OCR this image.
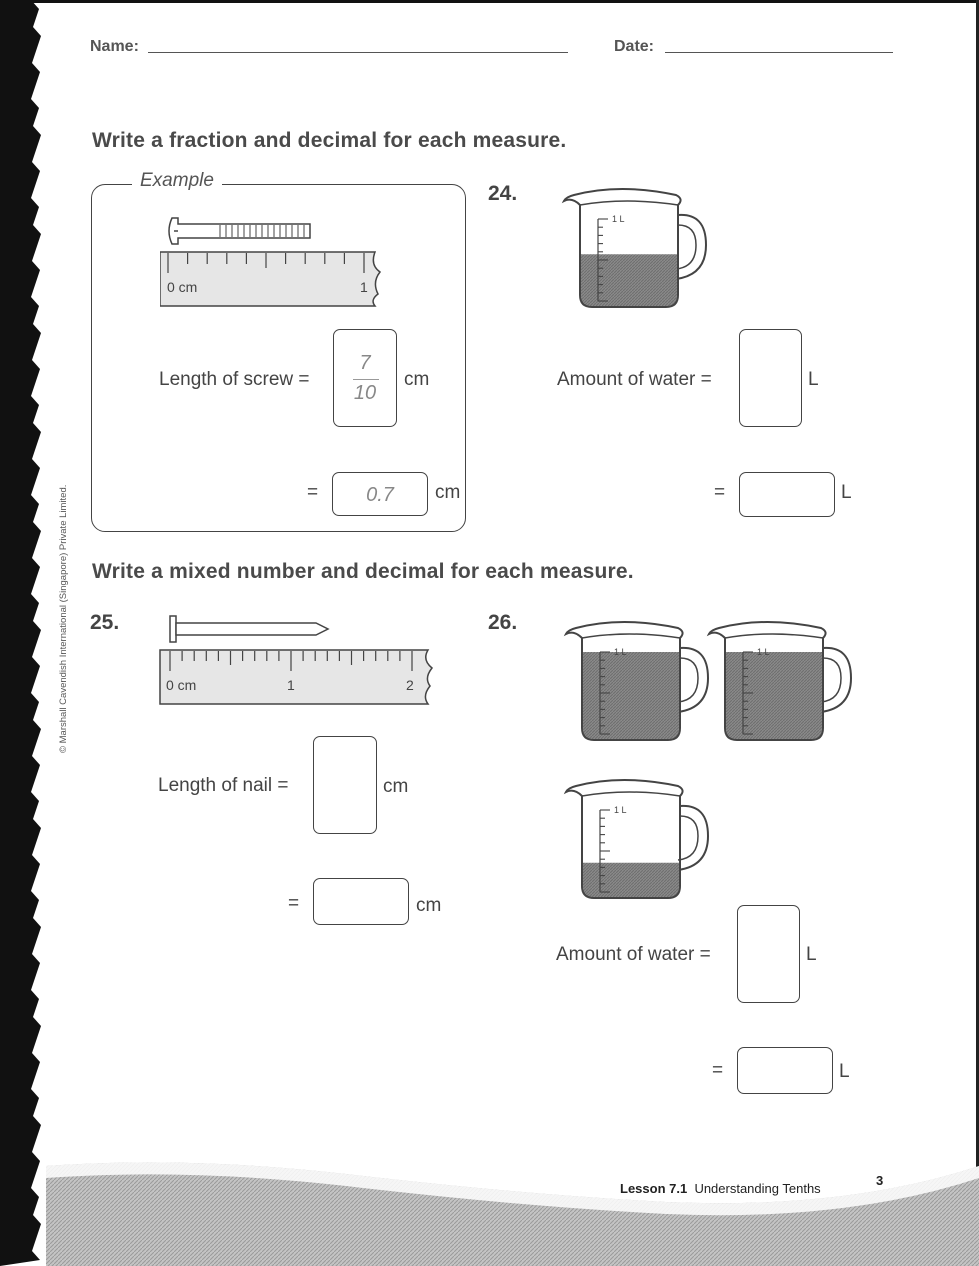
Name:	Date:
Write a fraction and decimal for each measure.
Example
0 cm	1
Length of screw =
7
10
cm
=	0.7	cm
24.
1 L
Amount of water =	L
=	L
Write a mixed number and decimal for each measure.
25.
0 cm	1	2
Length of nail =	cm
=	cm
26.
1 L	1 L
1 L
Amount of water =	L
=	L
© Marshall Cavendish International (Singapore) Private Limited.
Lesson 7.1 Understanding Tenths
3
